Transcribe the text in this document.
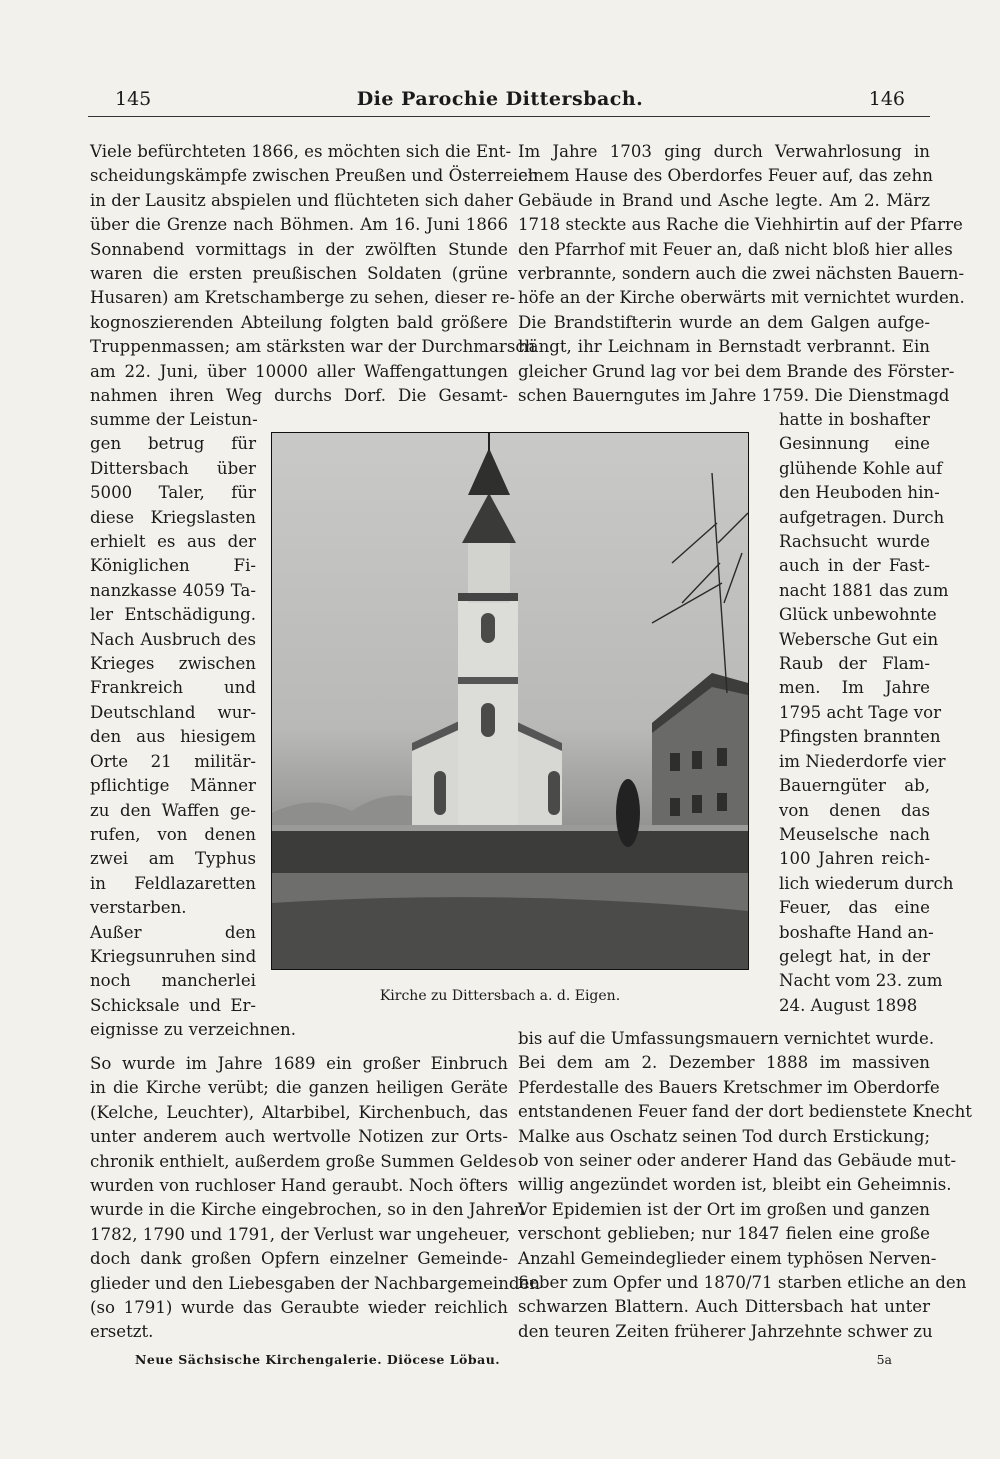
145	Die Parochie Dittersbach.	146
Viele befürchteten 1866, es möchten sich die Ent-
scheidungskämpfe zwischen Preußen und Österreich
in der Lausitz abspielen und flüchteten sich daher
über die Grenze nach Böhmen. Am 16. Juni 1866
Sonnabend vormittags in der zwölften Stunde
waren die ersten preußischen Soldaten (grüne
Husaren) am Kretschamberge zu sehen, dieser re-
kognoszierenden Abteilung folgten bald größere
Truppenmassen; am stärksten war der Durchmarsch
am 22. Juni, über 10000 aller Waffengattungen
nahmen ihren Weg durchs Dorf. Die Gesamt-
summe der Leistun-
gen betrug für
Dittersbach über
5000 Taler, für
diese Kriegslasten
erhielt es aus der
Königlichen Fi-
nanzkasse 4059 Ta-
ler Entschädigung.
Nach Ausbruch des
Krieges zwischen
Frankreich und
Deutschland wur-
den aus hiesigem
Orte 21 militär-
pflichtige Männer
zu den Waffen ge-
rufen, von denen
zwei am Typhus
in Feldlazaretten
verstarben.
Außer den
Kriegsunruhen sind
noch mancherlei
Schicksale und Er-
eignisse zu verzeichnen.
So wurde im Jahre 1689 ein großer Einbruch
in die Kirche verübt; die ganzen heiligen Geräte
(Kelche, Leuchter), Altarbibel, Kirchenbuch, das
unter anderem auch wertvolle Notizen zur Orts-
chronik enthielt, außerdem große Summen Geldes
wurden von ruchloser Hand geraubt. Noch öfters
wurde in die Kirche eingebrochen, so in den Jahren
1782, 1790 und 1791, der Verlust war ungeheuer,
doch dank großen Opfern einzelner Gemeinde-
glieder und den Liebesgaben der Nachbargemeinden
(so 1791) wurde das Geraubte wieder reichlich
ersetzt.
Im Jahre 1703 ging durch Verwahrlosung in
einem Hause des Oberdorfes Feuer auf, das zehn
Gebäude in Brand und Asche legte. Am 2. März
1718 steckte aus Rache die Viehhirtin auf der Pfarre
den Pfarrhof mit Feuer an, daß nicht bloß hier alles
verbrannte, sondern auch die zwei nächsten Bauern-
höfe an der Kirche oberwärts mit vernichtet wurden.
Die Brandstifterin wurde an dem Galgen aufge-
hängt, ihr Leichnam in Bernstadt verbrannt. Ein
gleicher Grund lag vor bei dem Brande des Förster-
schen Bauerngutes im Jahre 1759. Die Dienstmagd
hatte in boshafter
Gesinnung eine
glühende Kohle auf
den Heuboden hin-
aufgetragen. Durch
Rachsucht wurde
auch in der Fast-
nacht 1881 das zum
Glück unbewohnte
Webersche Gut ein
Raub der Flam-
men. Im Jahre
1795 acht Tage vor
Pfingsten brannten
im Niederdorfe vier
Bauerngüter ab,
von denen das
Meuselsche nach
100 Jahren reich-
lich wiederum durch
Feuer, das eine
boshafte Hand an-
gelegt hat, in der
Nacht vom 23. zum
24. August 1898
bis auf die Umfassungsmauern vernichtet wurde.
Bei dem am 2. Dezember 1888 im massiven
Pferdestalle des Bauers Kretschmer im Oberdorfe
entstandenen Feuer fand der dort bedienstete Knecht
Malke aus Oschatz seinen Tod durch Erstickung;
ob von seiner oder anderer Hand das Gebäude mut-
willig angezündet worden ist, bleibt ein Geheimnis.
Vor Epidemien ist der Ort im großen und ganzen
verschont geblieben; nur 1847 fielen eine große
Anzahl Gemeindeglieder einem typhösen Nerven-
fieber zum Opfer und 1870/71 starben etliche an den
schwarzen Blattern. Auch Dittersbach hat unter
den teuren Zeiten früherer Jahrzehnte schwer zu
Kirche zu Dittersbach a. d. Eigen.
Neue Sächsische Kirchengalerie. Diöcese Löbau.	5a
